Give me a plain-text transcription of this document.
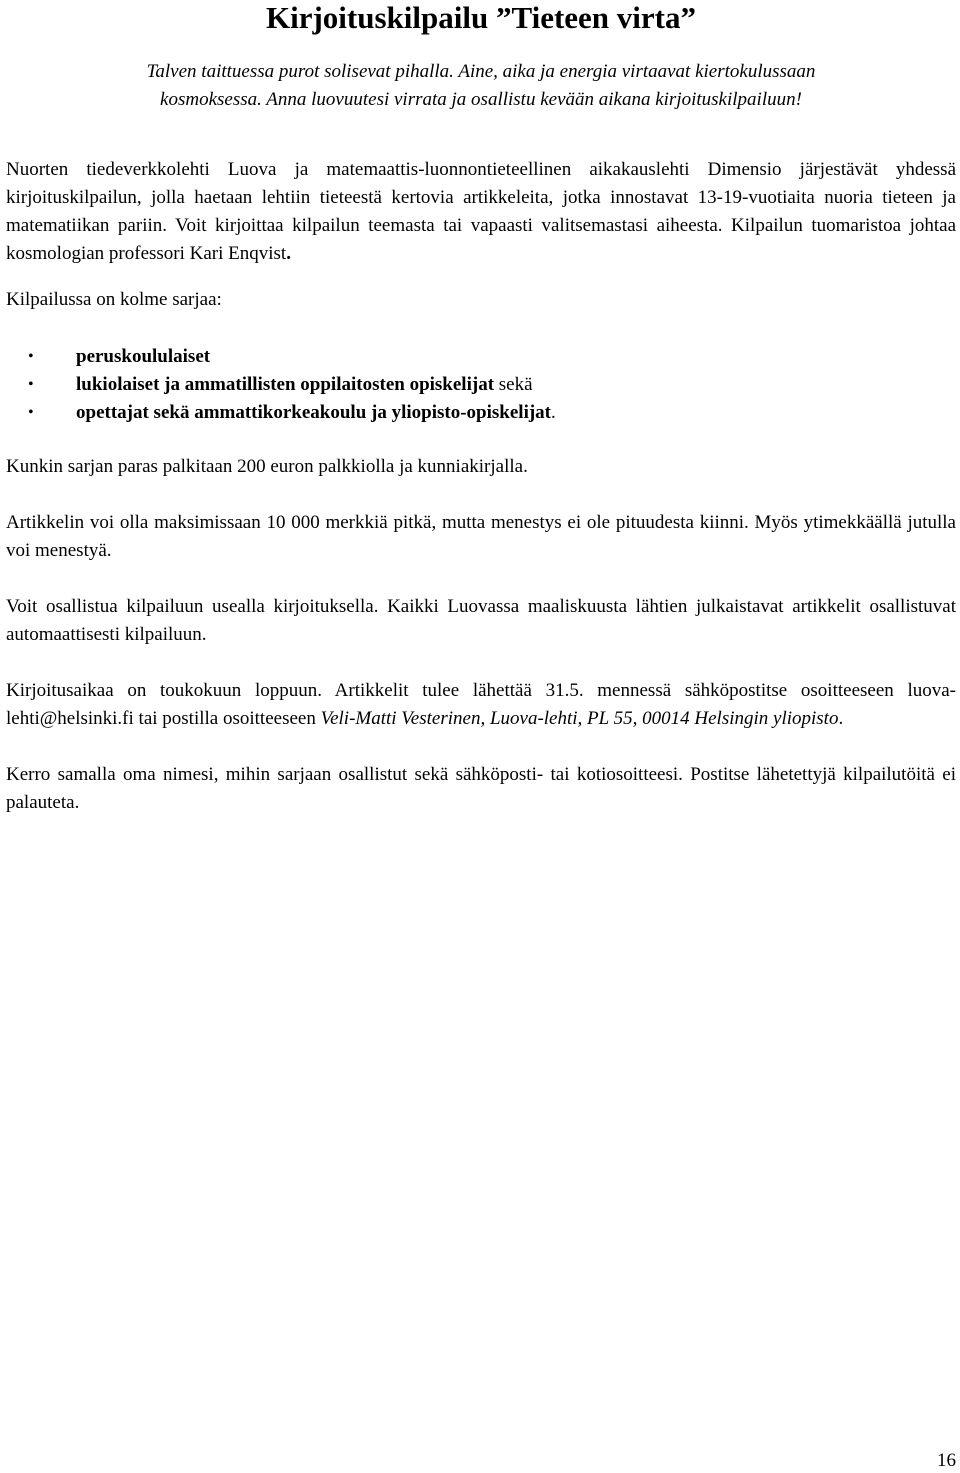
Kirjoituskilpailu ”Tieteen virta”
Talven taittuessa purot solisevat pihalla. Aine, aika ja energia virtaavat kiertokulussaan
kosmoksessa. Anna luovuutesi virrata ja osallistu kevään aikana kirjoituskilpailuun!

Nuorten tiedeverkkolehti Luova ja matemaattis-luonnontieteellinen aikakauslehti Dimensio järjestävät yhdessä kirjoituskilpailun, jolla haetaan lehtiin tieteestä kertovia artikkeleita, jotka innostavat 13-19-vuotiaita nuoria tieteen ja matematiikan pariin. Voit kirjoittaa kilpailun teemasta tai vapaasti valitsemastasi aiheesta. Kilpailun tuomaristoa johtaa kosmologian professori Kari Enqvist.

Kilpailussa on kolme sarjaa:

• peruskoululaiset
• lukiolaiset ja ammatillisten oppilaitosten opiskelijat sekä
• opettajat sekä ammattikorkeakoulu ja yliopisto-opiskelijat.

Kunkin sarjan paras palkitaan 200 euron palkkiolla ja kunniakirjalla.

Artikkelin voi olla maksimissaan 10 000 merkkiä pitkä, mutta menestys ei ole pituudesta kiinni. Myös ytimekkäällä jutulla voi menestyä.

Voit osallistua kilpailuun usealla kirjoituksella. Kaikki Luovassa maaliskuusta lähtien julkaistavat artikkelit osallistuvat automaattisesti kilpailuun.

Kirjoitusaikaa on toukokuun loppuun. Artikkelit tulee lähettää 31.5. mennessä sähköpostitse osoitteeseen luova-lehti@helsinki.fi tai postilla osoitteeseen Veli-Matti Vesterinen, Luova-lehti, PL 55, 00014 Helsingin yliopisto.

Kerro samalla oma nimesi, mihin sarjaan osallistut sekä sähköposti- tai kotiosoitteesi. Postitse lähetettyjä kilpailutöitä ei palauteta.

16
